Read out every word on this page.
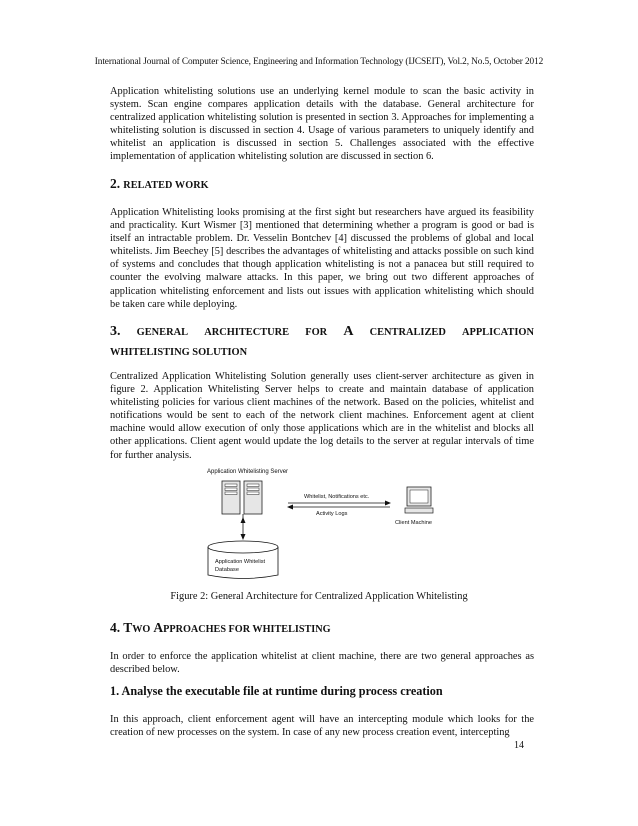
International Journal of Computer Science, Engineering and Information Technology (IJCSEIT), Vol.2, No.5, October 2012
Application whitelisting solutions use an underlying kernel module to scan the basic activity in system. Scan engine compares application details with the database. General architecture for centralized application whitelisting solution is presented in section 3. Approaches for implementing a whitelisting solution is discussed in section 4. Usage of various parameters to uniquely identify and whitelist an application is discussed in section 5. Challenges associated with the effective implementation of application whitelisting solution are discussed in section 6.
2. RELATED WORK
Application Whitelisting looks promising at the first sight but researchers have argued its feasibility and practicality. Kurt Wismer [3] mentioned that determining whether a program is good or bad is itself an intractable problem. Dr. Vesselin Bontchev [4] discussed the problems of global and local whitelists. Jim Beechey [5] describes the advantages of whitelisting and attacks possible on such kind of systems and concludes that though application whitelisting is not a panacea but still required to counter the evolving malware attacks. In this paper, we bring out two different approaches of application whitelisting enforcement and lists out issues with application whitelisting which should be taken care while deploying.
3. GENERAL ARCHITECTURE FOR A CENTRALIZED APPLICATION
WHITELISTING SOLUTION
Centralized Application Whitelisting Solution generally uses client-server architecture as given in figure 2. Application Whitelisting Server helps to create and maintain database of application whitelisting policies for various client machines of the network. Based on the policies, whitelist and notifications would be sent to each of the network client machines. Enforcement agent at client machine would allow execution of only those applications which are in the whitelist and blocks all other applications. Client agent would update the log details to the server at regular intervals of time for further analysis.
Application Whitelisting Server
Whitelist, Notifications etc.
Activity Logs
Client Machine
Application Whitelist
Database
Figure 2: General Architecture for Centralized Application Whitelisting
4. TWO APPROACHES FOR WHITELISTING
In order to enforce the application whitelist at client machine, there are two general approaches as described below.
1. Analyse the executable file at runtime during process creation
In this approach, client enforcement agent will have an intercepting module which looks for the creation of new processes on the system. In case of any new process creation event, intercepting
14
